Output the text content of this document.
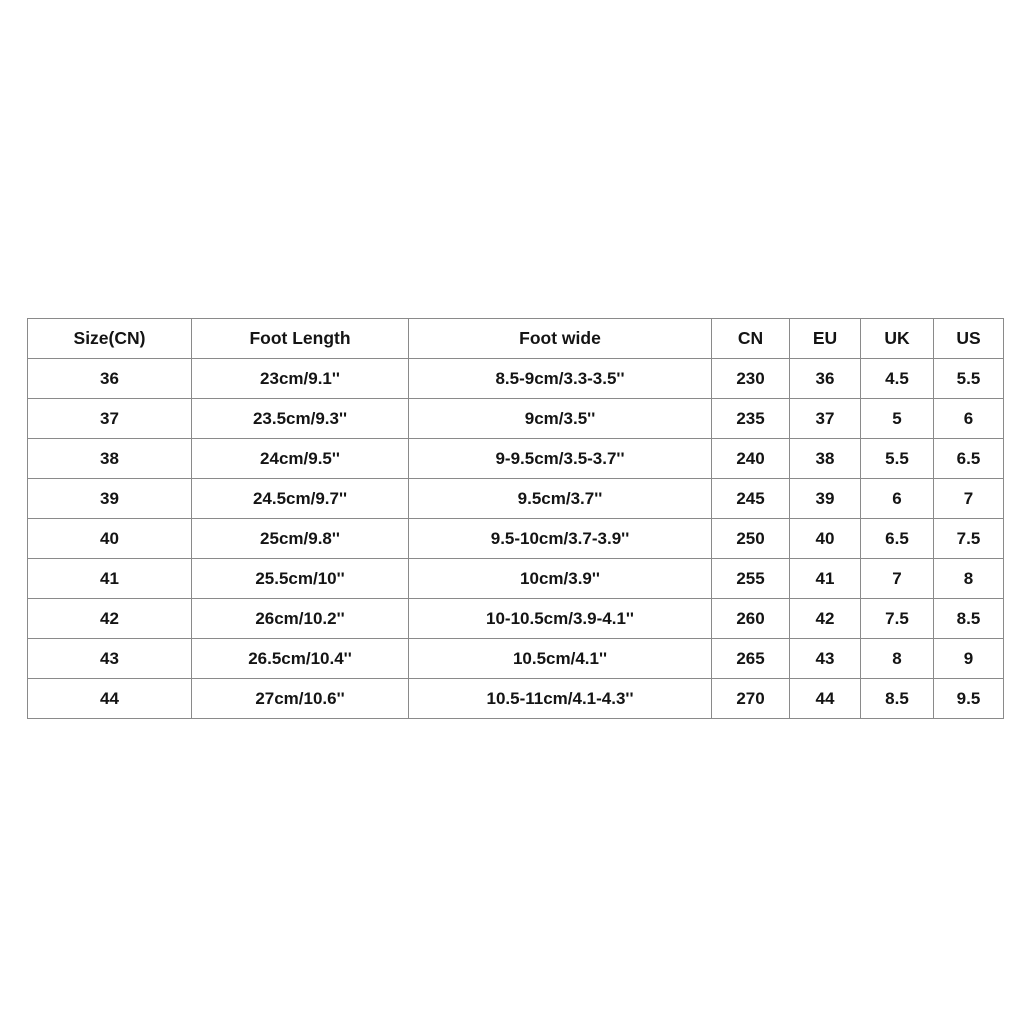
Size(CN)	Foot Length	Foot wide	CN	EU	UK	US
36	23cm/9.1''	8.5-9cm/3.3-3.5''	230	36	4.5	5.5
37	23.5cm/9.3''	9cm/3.5''	235	37	5	6
38	24cm/9.5''	9-9.5cm/3.5-3.7''	240	38	5.5	6.5
39	24.5cm/9.7''	9.5cm/3.7''	245	39	6	7
40	25cm/9.8''	9.5-10cm/3.7-3.9''	250	40	6.5	7.5
41	25.5cm/10''	10cm/3.9''	255	41	7	8
42	26cm/10.2''	10-10.5cm/3.9-4.1''	260	42	7.5	8.5
43	26.5cm/10.4''	10.5cm/4.1''	265	43	8	9
44	27cm/10.6''	10.5-11cm/4.1-4.3''	270	44	8.5	9.5
